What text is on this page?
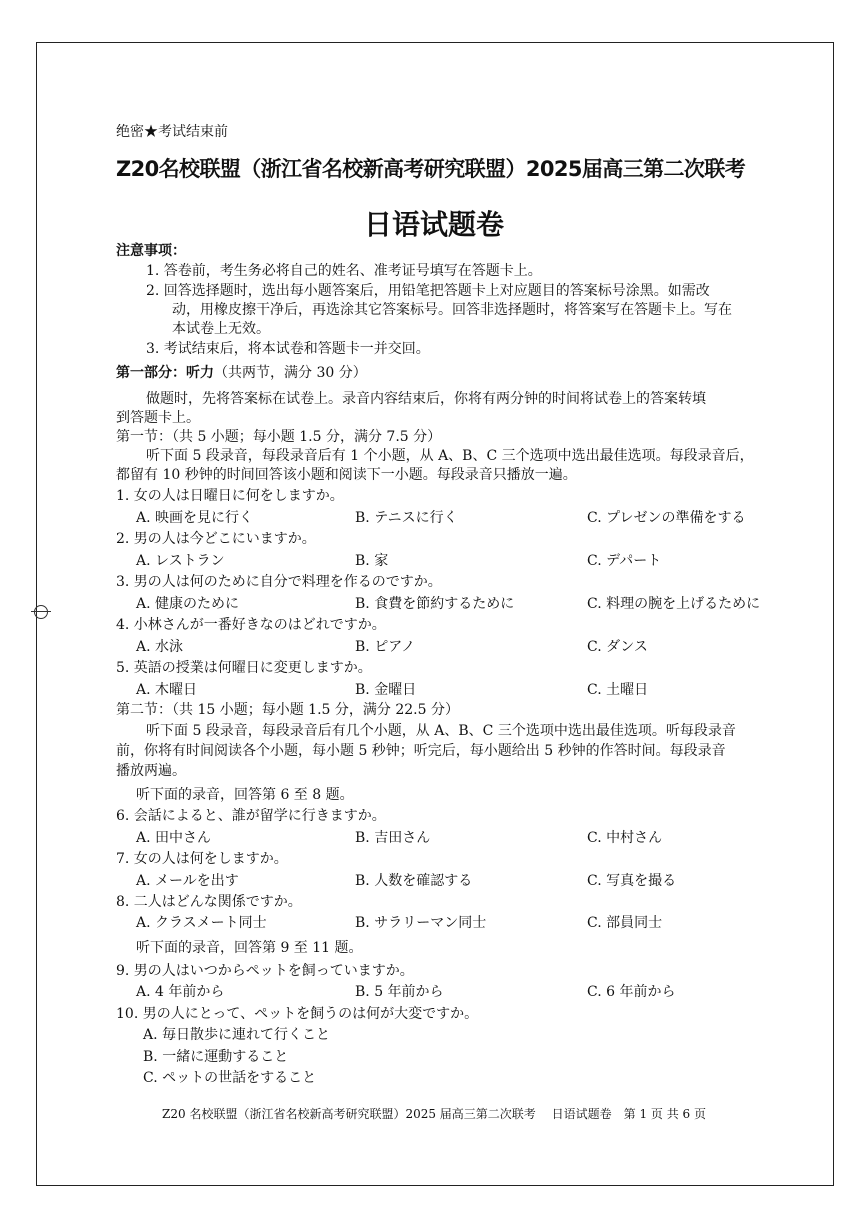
绝密★考试结束前
Z20名校联盟（浙江省名校新高考研究联盟）2025届高三第二次联考
日语试题卷
注意事项：
1. 答卷前，考生务必将自己的姓名、准考证号填写在答题卡上。
2. 回答选择题时，选出每小题答案后，用铅笔把答题卡上对应题目的答案标号涂黑。如需改
动，用橡皮擦干净后，再选涂其它答案标号。回答非选择题时，将答案写在答题卡上。写在
本试卷上无效。
3. 考试结束后，将本试卷和答题卡一并交回。
第一部分：听力（共两节，满分 30 分）
做题时，先将答案标在试卷上。录音内容结束后，你将有两分钟的时间将试卷上的答案转填
到答题卡上。
第一节：（共 5 小题；每小题 1.5 分，满分 7.5 分）
听下面 5 段录音，每段录音后有 1 个小题，从 A、B、C 三个选项中选出最佳选项。每段录音后，
都留有 10 秒钟的时间回答该小题和阅读下一小题。每段录音只播放一遍。
1. 女の人は日曜日に何をしますか。
A. 映画を見に行く	B. テニスに行く	C. プレゼンの準備をする
2. 男の人は今どこにいますか。
A. レストラン	B. 家	C. デパート
3. 男の人は何のために自分で料理を作るのですか。
A. 健康のために	B. 食費を節約するために	C. 料理の腕を上げるために
4. 小林さんが一番好きなのはどれですか。
A. 水泳	B. ピアノ	C. ダンス
5. 英語の授業は何曜日に変更しますか。
A. 木曜日	B. 金曜日	C. 土曜日
第二节：（共 15 小题；每小题 1.5 分，满分 22.5 分）
听下面 5 段录音，每段录音后有几个小题，从 A、B、C 三个选项中选出最佳选项。听每段录音
前，你将有时间阅读各个小题，每小题 5 秒钟；听完后，每小题给出 5 秒钟的作答时间。每段录音
播放两遍。
听下面的录音，回答第 6 至 8 题。
6. 会話によると、誰が留学に行きますか。
A. 田中さん	B. 吉田さん	C. 中村さん
7. 女の人は何をしますか。
A. メールを出す	B. 人数を確認する	C. 写真を撮る
8. 二人はどんな関係ですか。
A. クラスメート同士	B. サラリーマン同士	C. 部員同士
听下面的录音，回答第 9 至 11 题。
9. 男の人はいつからペットを飼っていますか。
A. 4 年前から	B. 5 年前から	C. 6 年前から
10. 男の人にとって、ペットを飼うのは何が大変ですか。
A. 毎日散歩に連れて行くこと
B. 一緒に運動すること
C. ペットの世話をすること
Z20 名校联盟（浙江省名校新高考研究联盟）2025 届高三第二次联考　 日语试题卷　第 1 页 共 6 页
